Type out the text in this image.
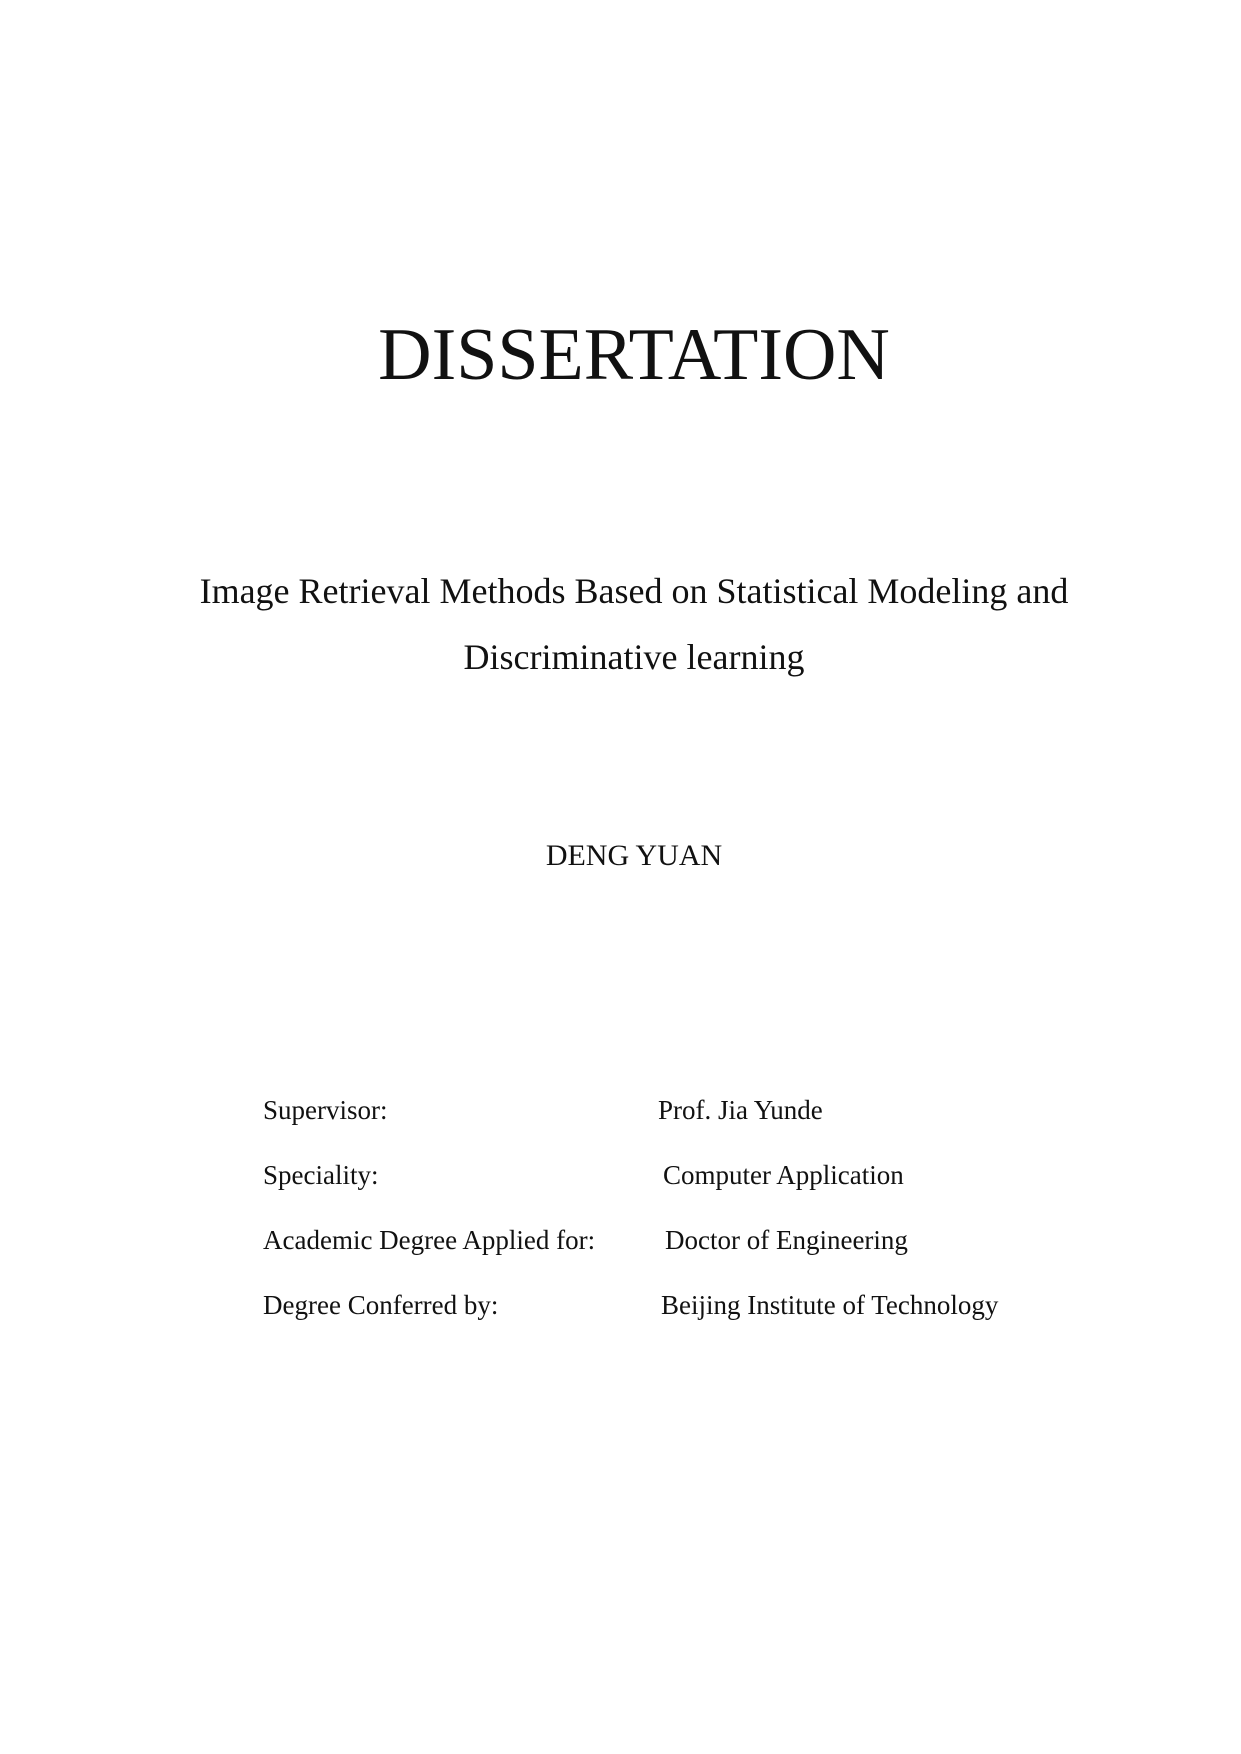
DISSERTATION
Image Retrieval Methods Based on Statistical Modeling and
Discriminative learning

DENG YUAN

Supervisor:	Prof. Jia Yunde
Speciality:	Computer Application
Academic Degree Applied for:	Doctor of Engineering
Degree Conferred by:	Beijing Institute of Technology
